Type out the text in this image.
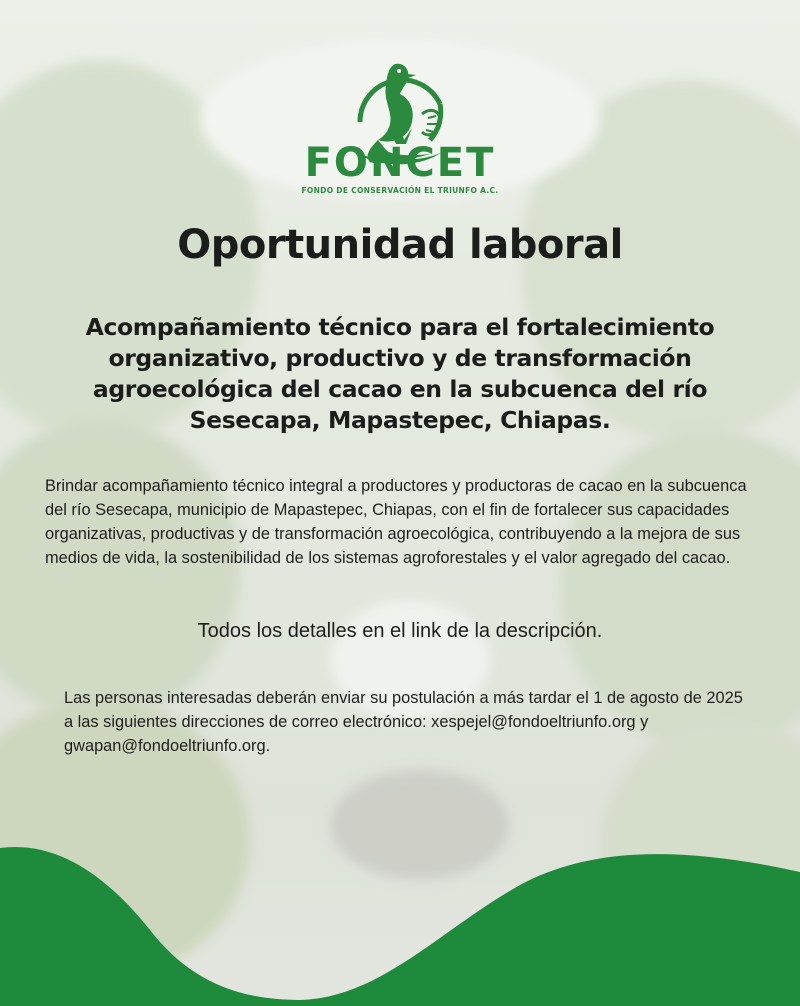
FONCET
FONDO DE CONSERVACIÓN EL TRIUNFO A.C.
Oportunidad laboral
Acompañamiento técnico para el fortalecimiento organizativo, productivo y de transformación agroecológica del cacao en la subcuenca del río Sesecapa, Mapastepec, Chiapas.
Brindar acompañamiento técnico integral a productores y productoras de cacao en la subcuenca del río Sesecapa, municipio de Mapastepec, Chiapas, con el fin de fortalecer sus capacidades organizativas, productivas y de transformación agroecológica, contribuyendo a la mejora de sus medios de vida, la sostenibilidad de los sistemas agroforestales y el valor agregado del cacao.
Todos los detalles en el link de la descripción.
Las personas interesadas deberán enviar su postulación a más tardar el 1 de agosto de 2025 a las siguientes direcciones de correo electrónico: xespejel@fondoeltriunfo.org y gwapan@fondoeltriunfo.org.
